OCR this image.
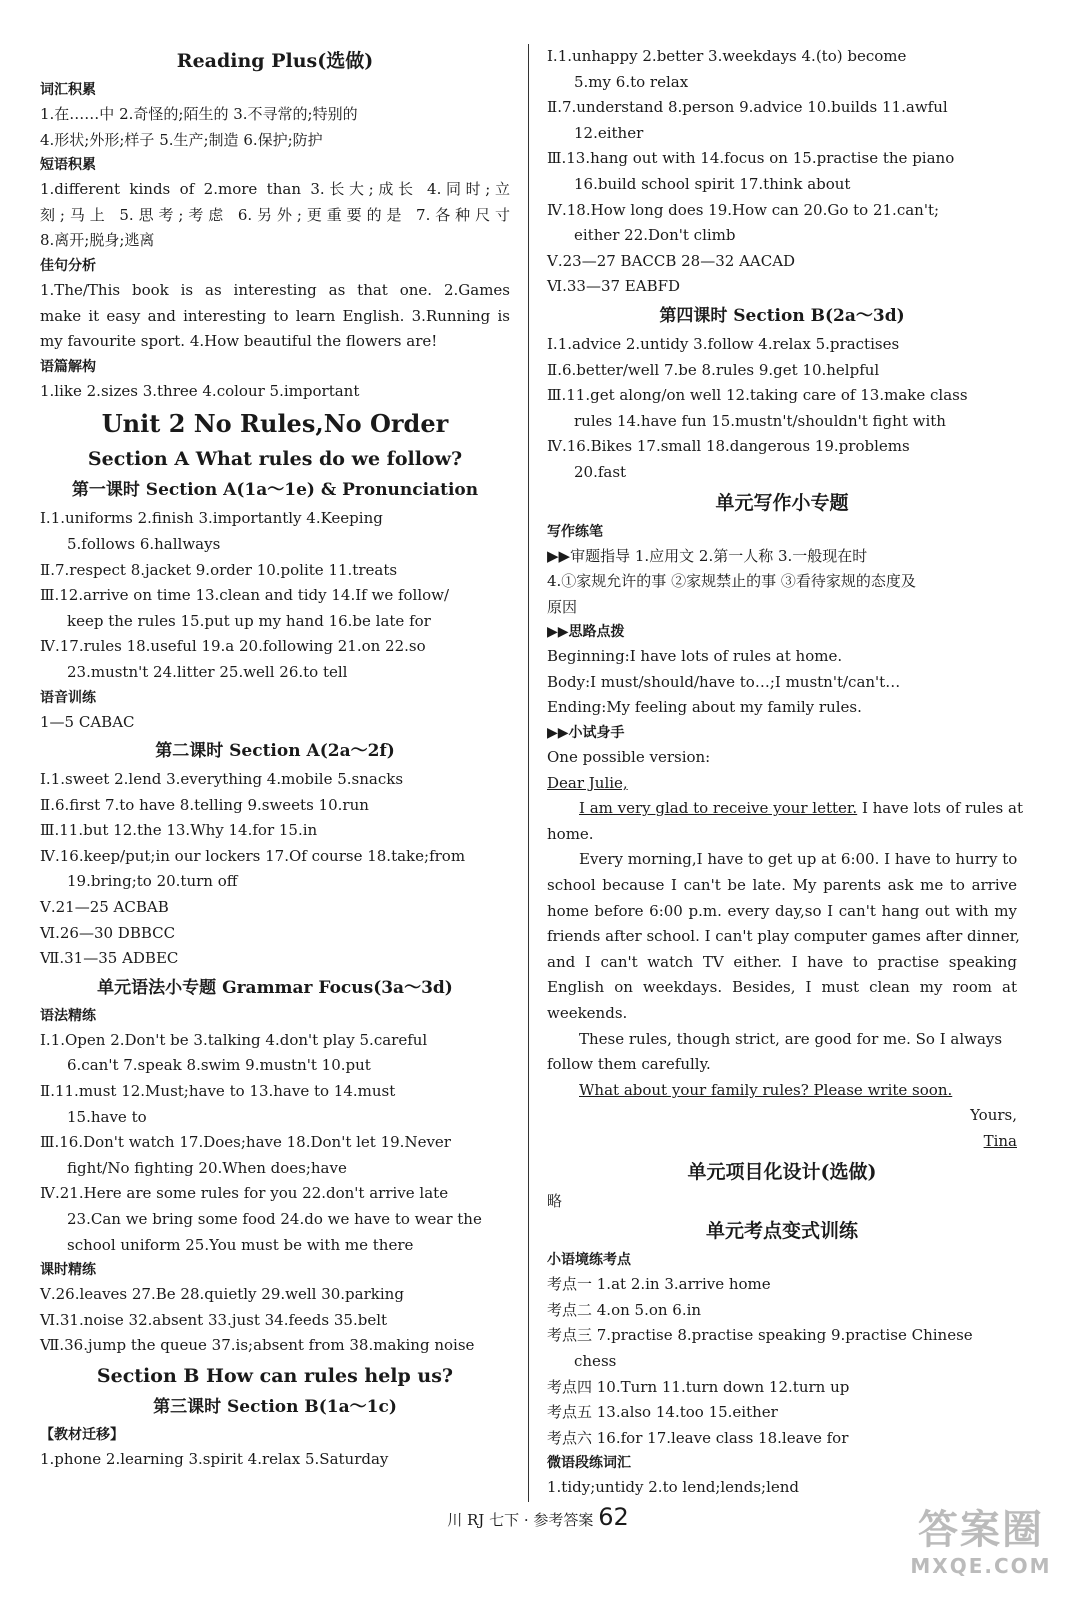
Reading Plus(选做)
词汇积累
1.在……中 2.奇怪的;陌生的 3.不寻常的;特别的
4.形状;外形;样子 5.生产;制造 6.保护;防护
短语积累
1.different kinds of 2.more than 3.长大;成长 4.同时;立
刻;马上 5.思考;考虑 6.另外;更重要的是 7.各种尺寸
8.离开;脱身;逃离
佳句分析
1.The/This book is as interesting as that one. 2.Games
make it easy and interesting to learn English. 3.Running is
my favourite sport. 4.How beautiful the flowers are!
语篇解构
1.like 2.sizes 3.three 4.colour 5.important
Unit 2 No Rules,No Order
Section A What rules do we follow?
第一课时 Section A(1a～1e) & Pronunciation
Ⅰ.1.uniforms 2.finish 3.importantly 4.Keeping
5.follows 6.hallways
Ⅱ.7.respect 8.jacket 9.order 10.polite 11.treats
Ⅲ.12.arrive on time 13.clean and tidy 14.If we follow/
keep the rules 15.put up my hand 16.be late for
Ⅳ.17.rules 18.useful 19.a 20.following 21.on 22.so
23.mustn't 24.litter 25.well 26.to tell
语音训练
1—5 CABAC
第二课时 Section A(2a～2f)
Ⅰ.1.sweet 2.lend 3.everything 4.mobile 5.snacks
Ⅱ.6.first 7.to have 8.telling 9.sweets 10.run
Ⅲ.11.but 12.the 13.Why 14.for 15.in
Ⅳ.16.keep/put;in our lockers 17.Of course 18.take;from
19.bring;to 20.turn off
Ⅴ.21—25 ACBAB
Ⅵ.26—30 DBBCC
Ⅶ.31—35 ADBEC
单元语法小专题 Grammar Focus(3a～3d)
语法精练
Ⅰ.1.Open 2.Don't be 3.talking 4.don't play 5.careful
6.can't 7.speak 8.swim 9.mustn't 10.put
Ⅱ.11.must 12.Must;have to 13.have to 14.must
15.have to
Ⅲ.16.Don't watch 17.Does;have 18.Don't let 19.Never
fight/No fighting 20.When does;have
Ⅳ.21.Here are some rules for you 22.don't arrive late
23.Can we bring some food 24.do we have to wear the
school uniform 25.You must be with me there
课时精练
Ⅴ.26.leaves 27.Be 28.quietly 29.well 30.parking
Ⅵ.31.noise 32.absent 33.just 34.feeds 35.belt
Ⅶ.36.jump the queue 37.is;absent from 38.making noise
Section B How can rules help us?
第三课时 Section B(1a～1c)
【教材迁移】
1.phone 2.learning 3.spirit 4.relax 5.Saturday
Ⅰ.1.unhappy 2.better 3.weekdays 4.(to) become
5.my 6.to relax
Ⅱ.7.understand 8.person 9.advice 10.builds 11.awful
12.either
Ⅲ.13.hang out with 14.focus on 15.practise the piano
16.build school spirit 17.think about
Ⅳ.18.How long does 19.How can 20.Go to 21.can't;
either 22.Don't climb
Ⅴ.23—27 BACCB 28—32 AACAD
Ⅵ.33—37 EABFD
第四课时 Section B(2a～3d)
Ⅰ.1.advice 2.untidy 3.follow 4.relax 5.practises
Ⅱ.6.better/well 7.be 8.rules 9.get 10.helpful
Ⅲ.11.get along/on well 12.taking care of 13.make class
rules 14.have fun 15.mustn't/shouldn't fight with
Ⅳ.16.Bikes 17.small 18.dangerous 19.problems
20.fast
单元写作小专题
写作练笔
▶▶审题指导 1.应用文 2.第一人称 3.一般现在时
4.①家规允许的事 ②家规禁止的事 ③看待家规的态度及
原因
▶▶思路点拨
Beginning:I have lots of rules at home.
Body:I must/should/have to…;I mustn't/can't…
Ending:My feeling about my family rules.
▶▶小试身手
One possible version:
Dear Julie,
I am very glad to receive your letter. I have lots of rules at
home.
Every morning,I have to get up at 6:00. I have to hurry to
school because I can't be late. My parents ask me to arrive
home before 6:00 p.m. every day,so I can't hang out with my
friends after school. I can't play computer games after dinner,
and I can't watch TV either. I have to practise speaking
English on weekdays. Besides, I must clean my room at
weekends.
These rules, though strict, are good for me. So I always
follow them carefully.
What about your family rules? Please write soon.
Yours,
Tina
单元项目化设计(选做)
略
单元考点变式训练
小语境练考点
考点一 1.at 2.in 3.arrive home
考点二 4.on 5.on 6.in
考点三 7.practise 8.practise speaking 9.practise Chinese
chess
考点四 10.Turn 11.turn down 12.turn up
考点五 13.also 14.too 15.either
考点六 16.for 17.leave class 18.leave for
微语段练词汇
1.tidy;untidy 2.to lend;lends;lend
川 RJ 七下 · 参考答案 62	答案圈
MXQE.COM
